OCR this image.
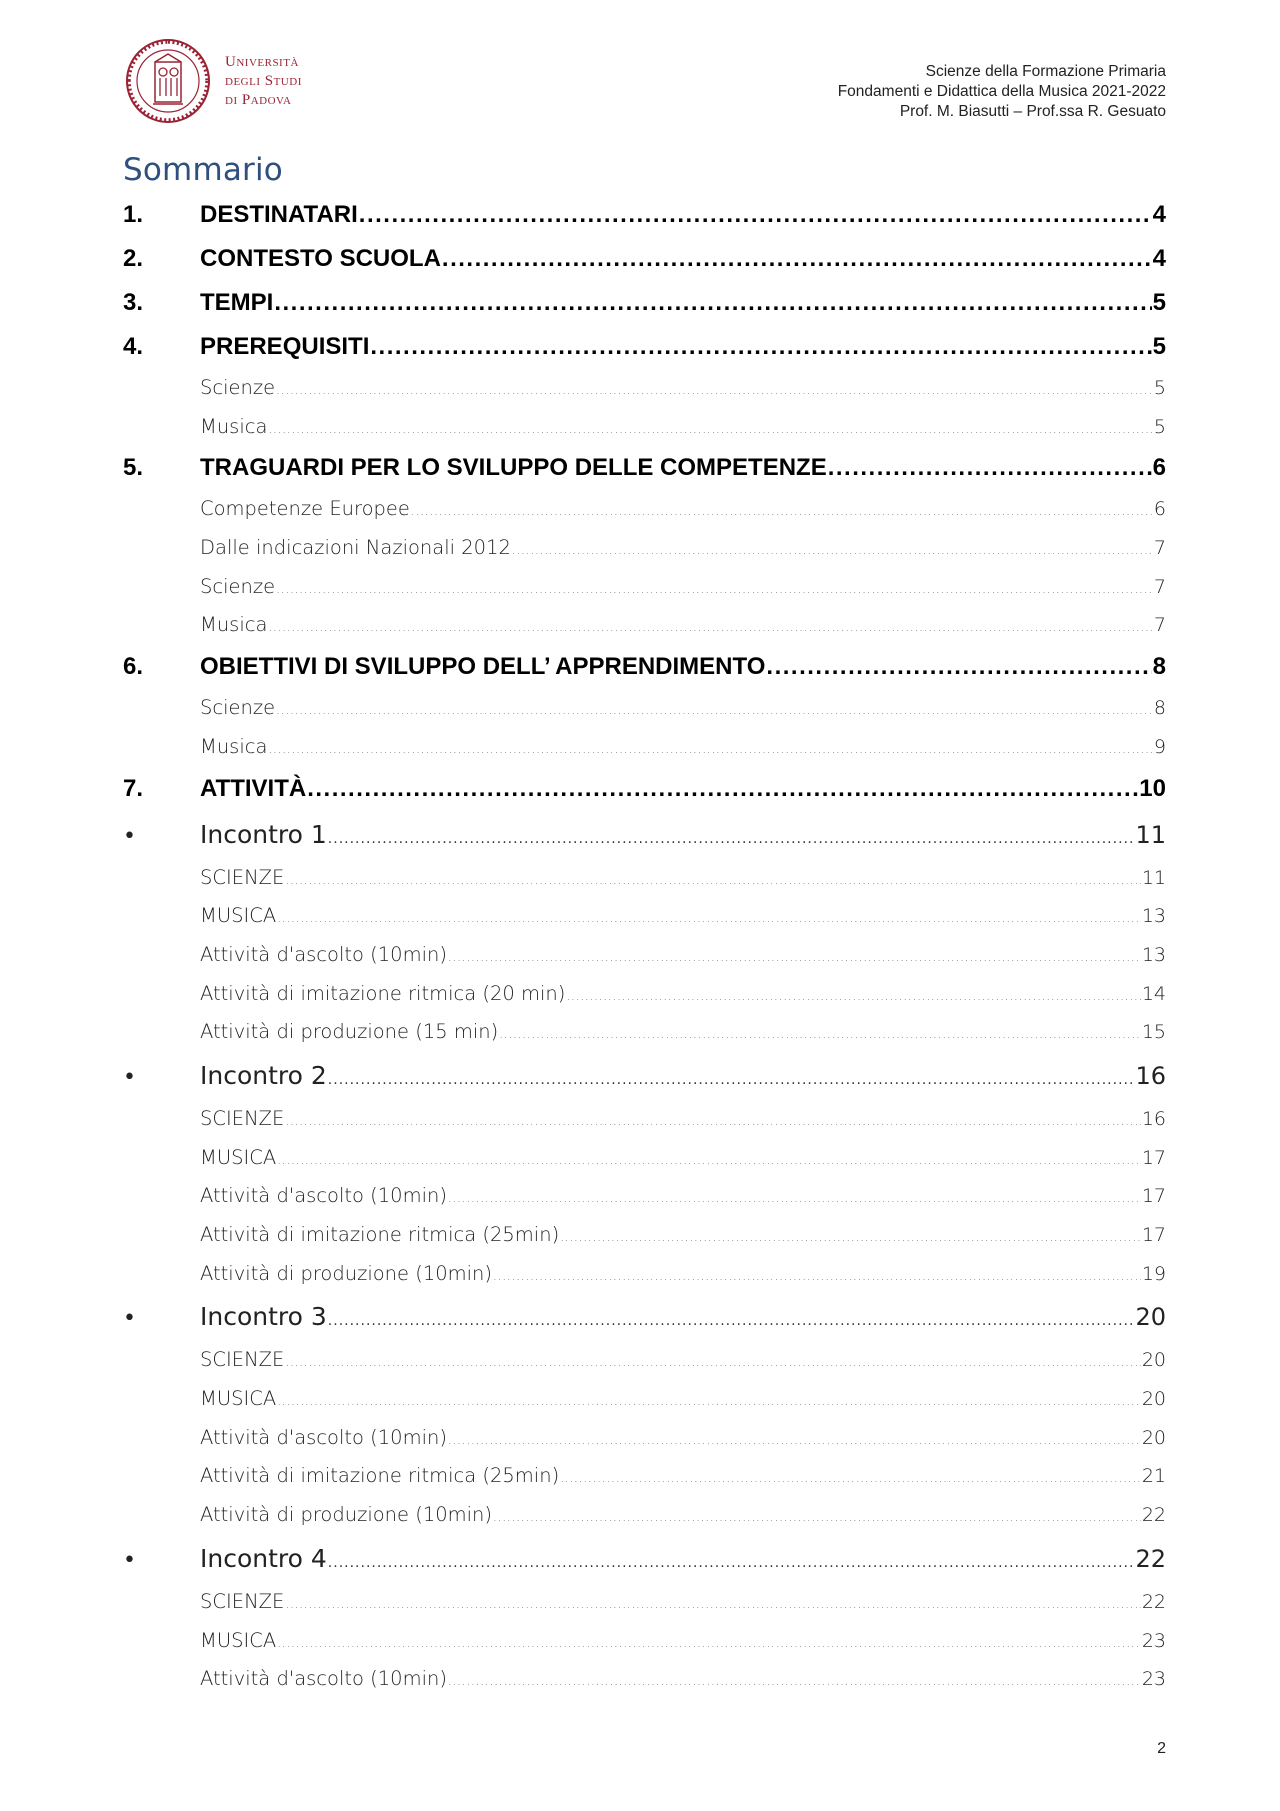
Università
degli Studi
di Padova
Scienze della Formazione Primaria
Fondamenti e Didattica della Musica 2021-2022
Prof. M. Biasutti – Prof.ssa R. Gesuato
Sommario
1.	DESTINATARI .....	4
2.	CONTESTO SCUOLA .....	4
3.	TEMPI .....	5
4.	PREREQUISITI .....	5
Scienze .....	5
Musica .....	5
5.	TRAGUARDI PER LO SVILUPPO DELLE COMPETENZE .....	6
Competenze Europee .....	6
Dalle indicazioni Nazionali 2012 .....	7
Scienze .....	7
Musica .....	7
6.	OBIETTIVI DI SVILUPPO DELL’ APPRENDIMENTO .....	8
Scienze .....	8
Musica .....	9
7.	ATTIVITÀ .....	10
•	Incontro 1 .....	11
SCIENZE .....	11
MUSICA .....	13
Attività d'ascolto (10min) .....	13
Attività di imitazione ritmica (20 min) .....	14
Attività di produzione (15 min) .....	15
•	Incontro 2 .....	16
SCIENZE .....	16
MUSICA .....	17
Attività d'ascolto (10min) .....	17
Attività di imitazione ritmica (25min) .....	17
Attività di produzione (10min) .....	19
•	Incontro 3 .....	20
SCIENZE .....	20
MUSICA .....	20
Attività d'ascolto (10min) .....	20
Attività di imitazione ritmica (25min) .....	21
Attività di produzione (10min) .....	22
•	Incontro 4 .....	22
SCIENZE .....	22
MUSICA .....	23
Attività d'ascolto (10min) .....	23
2
